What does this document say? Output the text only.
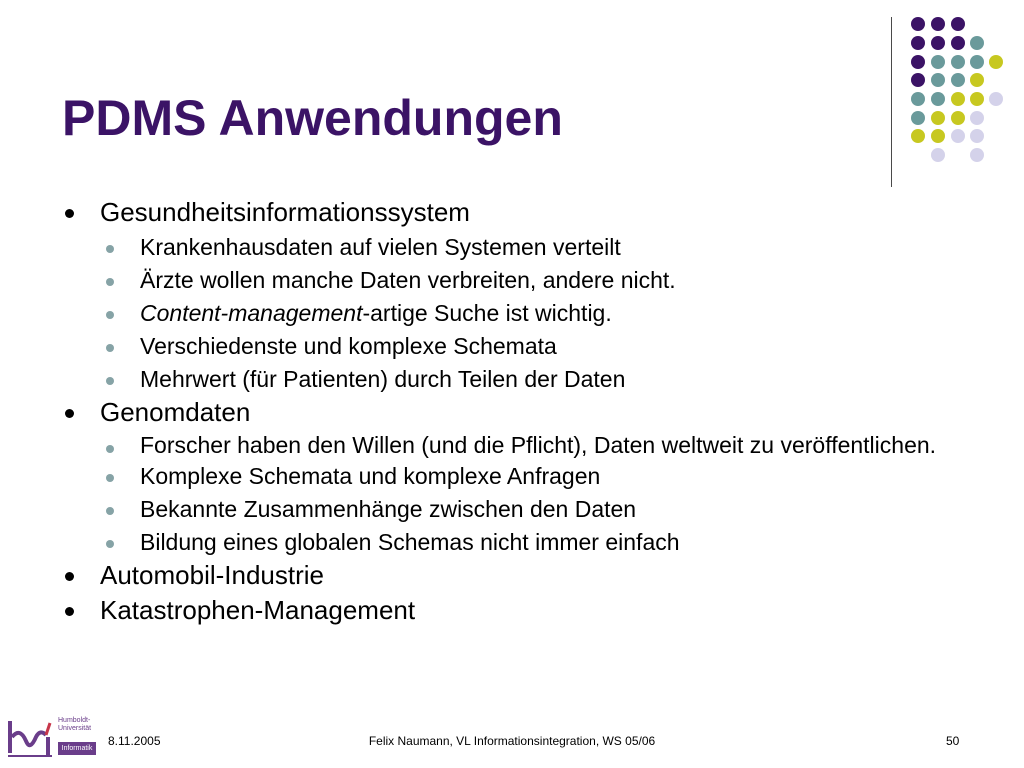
PDMS Anwendungen
Gesundheitsinformationssystem
Krankenhausdaten auf vielen Systemen verteilt
Ärzte wollen manche Daten verbreiten, andere nicht.
Content-management-artige Suche ist wichtig.
Verschiedenste und komplexe Schemata
Mehrwert (für Patienten) durch Teilen der Daten
Genomdaten
Forscher haben den Willen (und die Pflicht), Daten weltweit zu veröffentlichen.
Komplexe Schemata und komplexe Anfragen
Bekannte Zusammenhänge zwischen den Daten
Bildung eines globalen Schemas nicht immer einfach
Automobil-Industrie
Katastrophen-Management
Humboldt-
Universität
Informatik
8.11.2005	Felix Naumann, VL Informationsintegration, WS 05/06	50
